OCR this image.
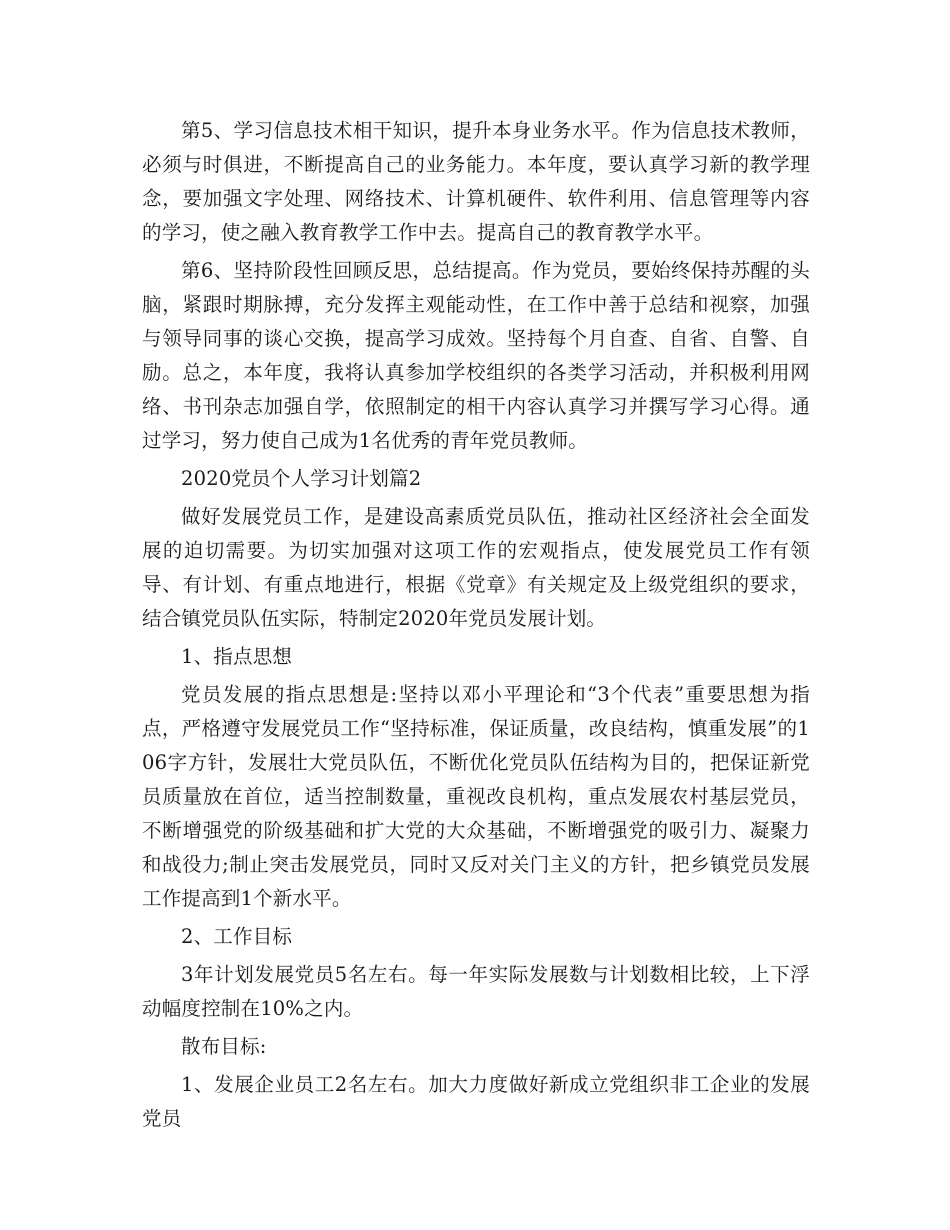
第5、学习信息技术相干知识，提升本身业务水平。作为信息技术教师，必须与时俱进，不断提高自己的业务能力。本年度，要认真学习新的教学理念，要加强文字处理、网络技术、计算机硬件、软件利用、信息管理等内容的学习，使之融入教育教学工作中去。提高自己的教育教学水平。

第6、坚持阶段性回顾反思，总结提高。作为党员，要始终保持苏醒的头脑，紧跟时期脉搏，充分发挥主观能动性，在工作中善于总结和视察，加强与领导同事的谈心交换，提高学习成效。坚持每个月自查、自省、自警、自励。总之，本年度，我将认真参加学校组织的各类学习活动，并积极利用网络、书刊杂志加强自学，依照制定的相干内容认真学习并撰写学习心得。通过学习，努力使自己成为1名优秀的青年党员教师。

2020党员个人学习计划篇2

做好发展党员工作，是建设高素质党员队伍，推动社区经济社会全面发展的迫切需要。为切实加强对这项工作的宏观指点，使发展党员工作有领导、有计划、有重点地进行，根据《党章》有关规定及上级党组织的要求，结合镇党员队伍实际，特制定2020年党员发展计划。

1、指点思想

党员发展的指点思想是:坚持以邓小平理论和“3个代表”重要思想为指点，严格遵守发展党员工作“坚持标准，保证质量，改良结构，慎重发展”的106字方针，发展壮大党员队伍，不断优化党员队伍结构为目的，把保证新党员质量放在首位，适当控制数量，重视改良机构，重点发展农村基层党员，不断增强党的阶级基础和扩大党的大众基础，不断增强党的吸引力、凝聚力和战役力;制止突击发展党员，同时又反对关门主义的方针，把乡镇党员发展工作提高到1个新水平。

2、工作目标

3年计划发展党员5名左右。每一年实际发展数与计划数相比较，上下浮动幅度控制在10%之内。

散布目标:

1、发展企业员工2名左右。加大力度做好新成立党组织非工企业的发展党员
